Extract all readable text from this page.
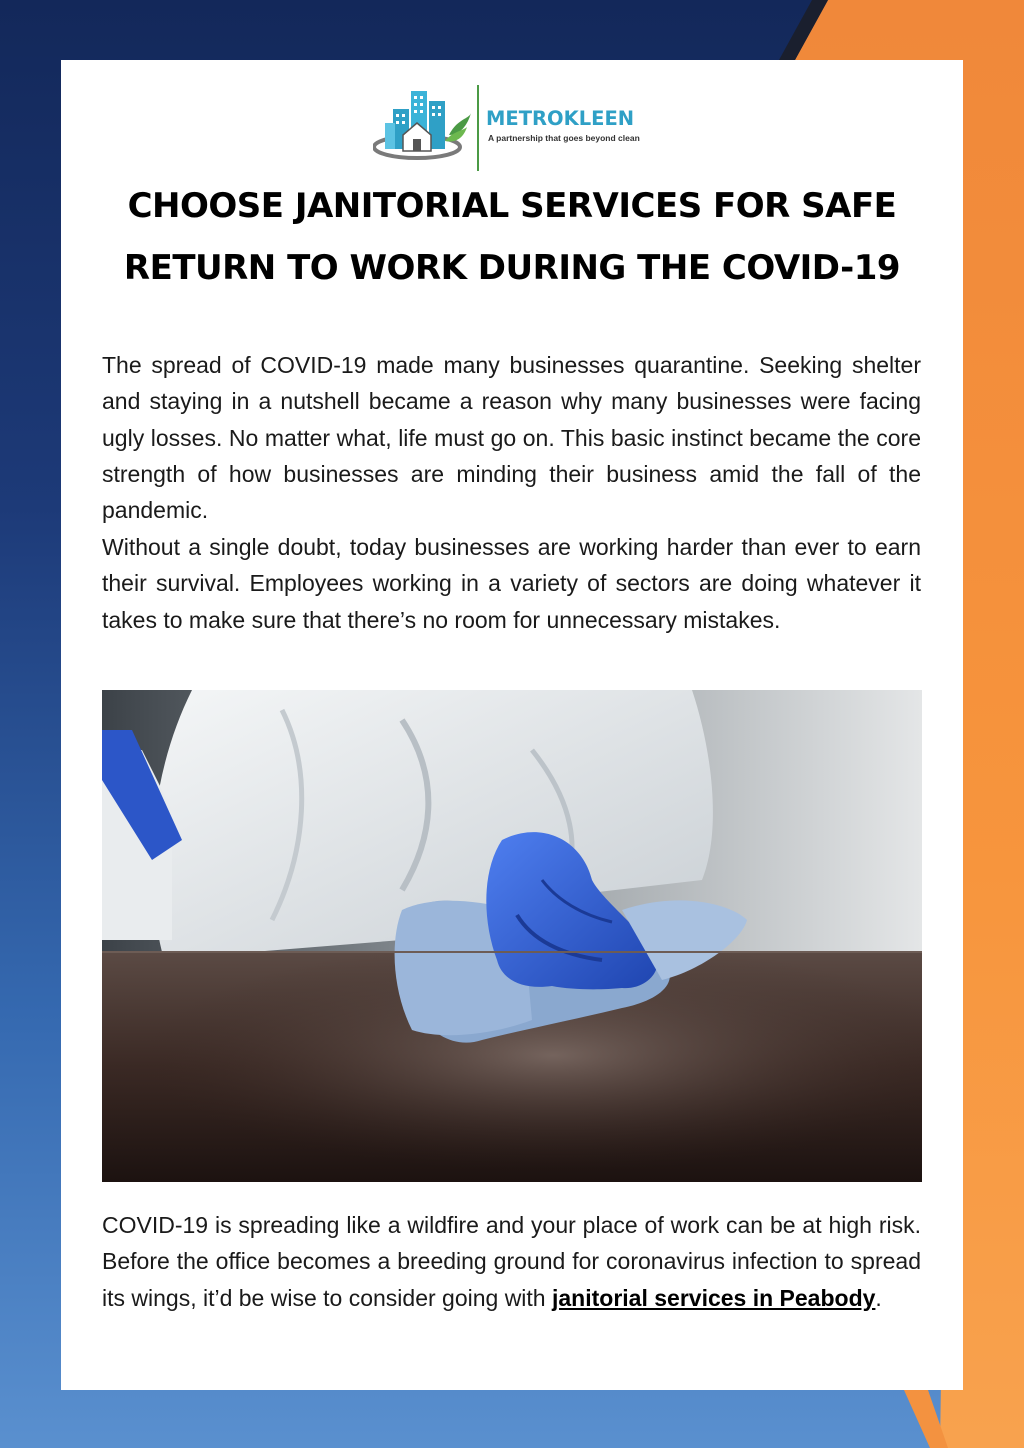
METROKLEEN
A partnership that goes beyond clean
CHOOSE JANITORIAL SERVICES FOR SAFE RETURN TO WORK DURING THE COVID-19

The spread of COVID-19 made many businesses quarantine. Seeking shelter and staying in a nutshell became a reason why many businesses were facing ugly losses. No matter what, life must go on. This basic instinct became the core strength of how businesses are minding their business amid the fall of the pandemic.

Without a single doubt, today businesses are working harder than ever to earn their survival. Employees working in a variety of sectors are doing whatever it takes to make sure that there’s no room for unnecessary mistakes.

COVID-19 is spreading like a wildfire and your place of work can be at high risk. Before the office becomes a breeding ground for coronavirus infection to spread its wings, it’d be wise to consider going with janitorial services in Peabody.
